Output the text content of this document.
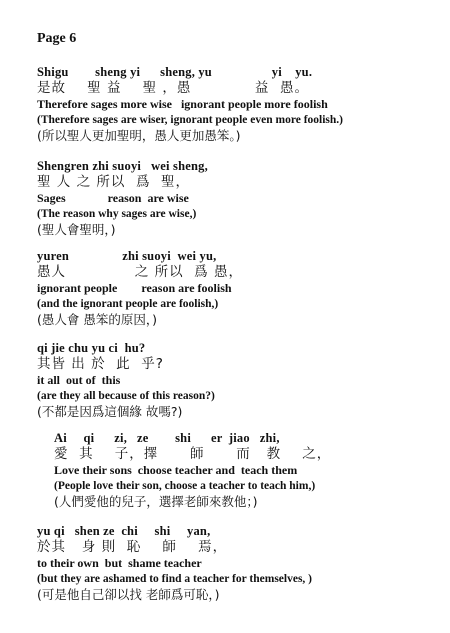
Page 6
Shigu        sheng yi      sheng, yu                  yi    yu.
是故    聖 益    聖 ，愚            益  愚。
Therefore sages more wise   ignorant people more foolish
(Therefore sages are wiser, ignorant people even more foolish.)
(所以聖人更加聖明，愚人更加愚笨。)
Shengren zhi suoyi   wei sheng,
聖 人 之 所以  爲  聖，
Sages              reason  are wise
(The reason why sages are wise,)
(聖人會聖明，)
yuren                zhi suoyi  wei yu,
愚人             之 所以  爲 愚，
ignorant people        reason are foolish
(and the ignorant people are foolish,)
(愚人會 愚笨的原因，)
qi jie chu yu ci  hu?
其皆 出 於  此  乎?
it all  out of  this
(are they all because of this reason?)
(不都是因爲這個緣 故嗎?)
Ai     qi      zi,   ze        shi      er  jiao   zhi,
愛  其    子，擇      師      而   教    之，
Love their sons  choose teacher and  teach them
(People love their son, choose a teacher to teach him,)
(人們愛他的兒子，選擇老師來教他；)
yu qi   shen ze  chi     shi     yan,
於其   身 則  恥    師    焉，
to their own  but  shame teacher
(but they are ashamed to find a teacher for themselves, )
(可是他自己卻以找 老師爲可恥，)
